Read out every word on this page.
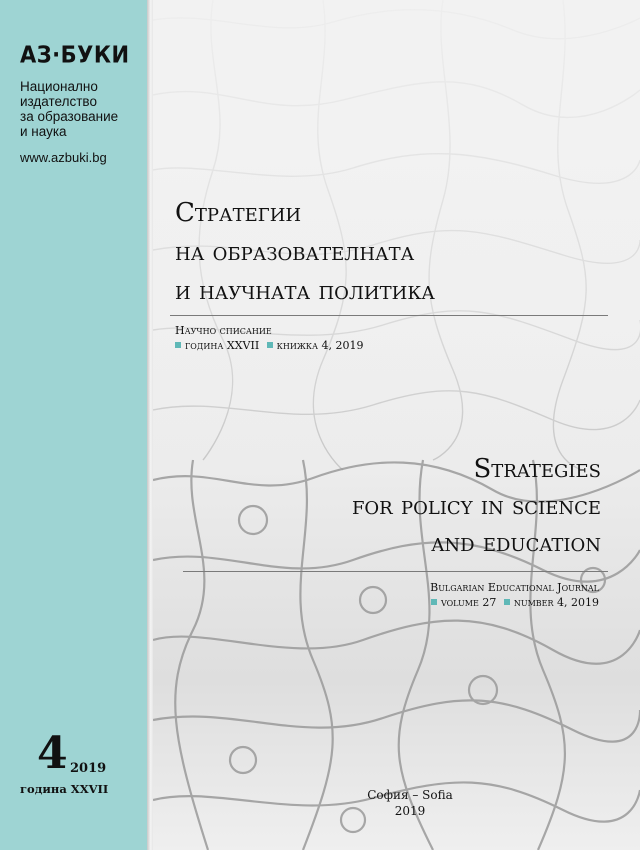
АЗ·БУКИ
Национално
издателство
за образование
и наука
www.azbuki.bg
4 2019
година XXVII
Стратегии
на образователната
и научната политика
Научно списание
година XXVII книжка 4, 2019
Strategies
for policy in science
and education
Bulgarian Educational Journal
volume 27 number 4, 2019
София – Sofia
2019
